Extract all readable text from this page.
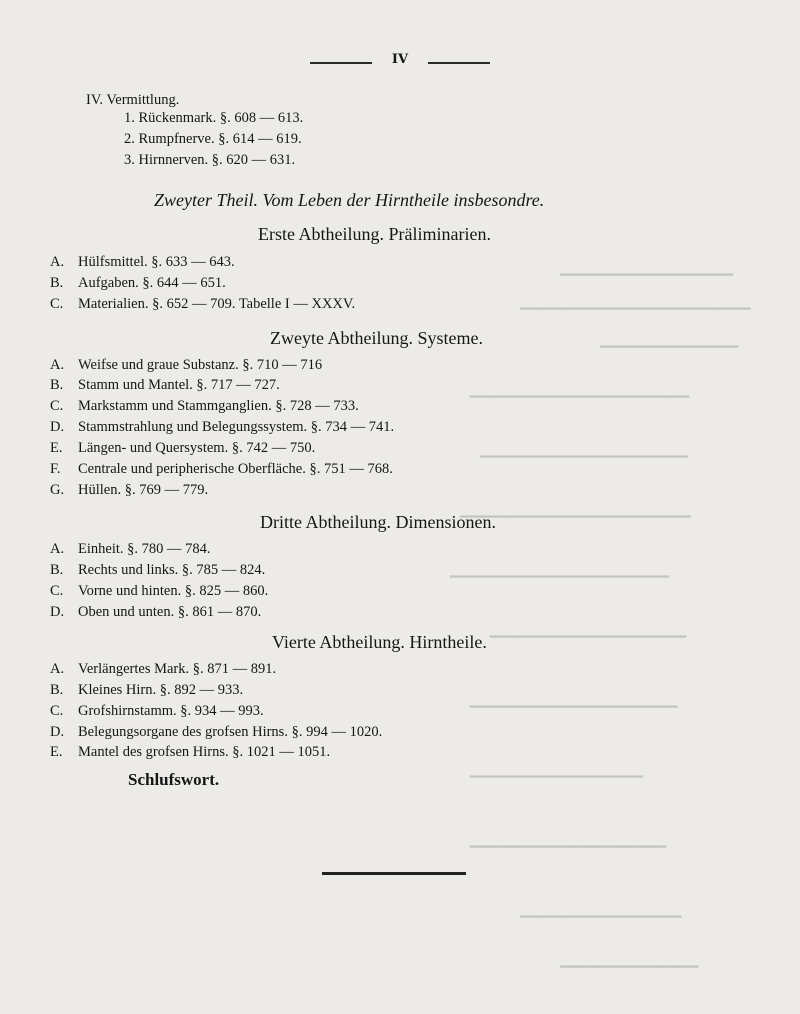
▁▁▁▁▁▁▁▁▁▁▁▁▁▁▁
▁▁▁▁▁▁▁▁▁▁▁▁▁▁▁▁▁▁▁▁
▁▁▁▁▁▁▁▁▁▁▁▁
▁▁▁▁▁▁▁▁▁▁▁▁▁▁▁▁▁▁▁
▁▁▁▁▁▁▁▁▁▁▁▁▁▁▁▁▁▁
▁▁▁▁▁▁▁▁▁▁▁▁▁▁▁▁▁▁▁▁
▁▁▁▁▁▁▁▁▁▁▁▁▁▁▁▁▁▁▁
▁▁▁▁▁▁▁▁▁▁▁▁▁▁▁▁▁
▁▁▁▁▁▁▁▁▁▁▁▁▁▁▁▁▁▁
▁▁▁▁▁▁▁▁▁▁▁▁▁▁▁
▁▁▁▁▁▁▁▁▁▁▁▁▁▁▁▁▁
▁▁▁▁▁▁▁▁▁▁▁▁▁▁
▁▁▁▁▁▁▁▁▁▁▁▁
IV
IV. Vermittlung.
1. Rückenmark. §. 608 — 613.
2. Rumpfnerve. §. 614 — 619.
3. Hirnnerven. §. 620 — 631.
Zweyter Theil. Vom Leben der Hirntheile insbesondre.
Erste Abtheilung. Präliminarien.
A. Hülfsmittel. §. 633 — 643.
B. Aufgaben. §. 644 — 651.
C. Materialien. §. 652 — 709. Tabelle I — XXXV.
Zweyte Abtheilung. Systeme.
A. Weifse und graue Substanz. §. 710 — 716
B. Stamm und Mantel. §. 717 — 727.
C. Markstamm und Stammganglien. §. 728 — 733.
D. Stammstrahlung und Belegungssystem. §. 734 — 741.
E. Längen- und Quersystem. §. 742 — 750.
F. Centrale und peripherische Oberfläche. §. 751 — 768.
G. Hüllen. §. 769 — 779.
Dritte Abtheilung. Dimensionen.
A. Einheit. §. 780 — 784.
B. Rechts und links. §. 785 — 824.
C. Vorne und hinten. §. 825 — 860.
D. Oben und unten. §. 861 — 870.
Vierte Abtheilung. Hirntheile.
A. Verlängertes Mark. §. 871 — 891.
B. Kleines Hirn. §. 892 — 933.
C. Grofshirnstamm. §. 934 — 993.
D. Belegungsorgane des grofsen Hirns. §. 994 — 1020.
E. Mantel des grofsen Hirns. §. 1021 — 1051.
Schlufswort.
